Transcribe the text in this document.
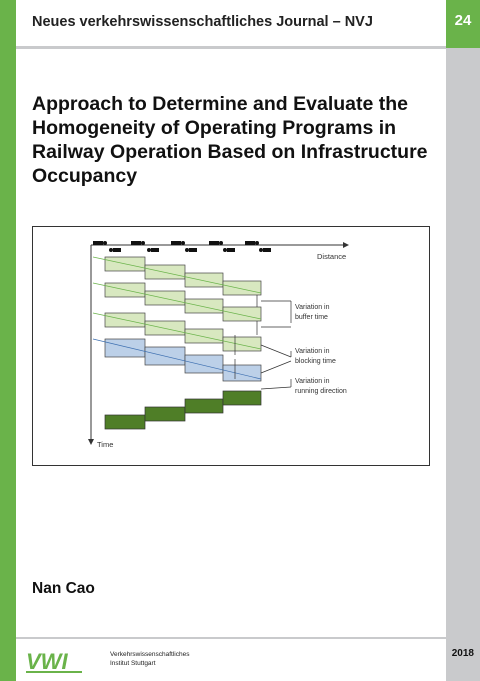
24
Neues verkehrswissenschaftliches Journal – NVJ
Approach to Determine and Evaluate the Homogeneity of Operating Programs in Railway Operation Based on Infrastructure Occupancy
Distance
Time
Variation in buffer time
Variation in blocking time
Variation in running direction
Nan Cao
VWI	Verkehrswissenschaftliches
Institut Stuttgart
2018
